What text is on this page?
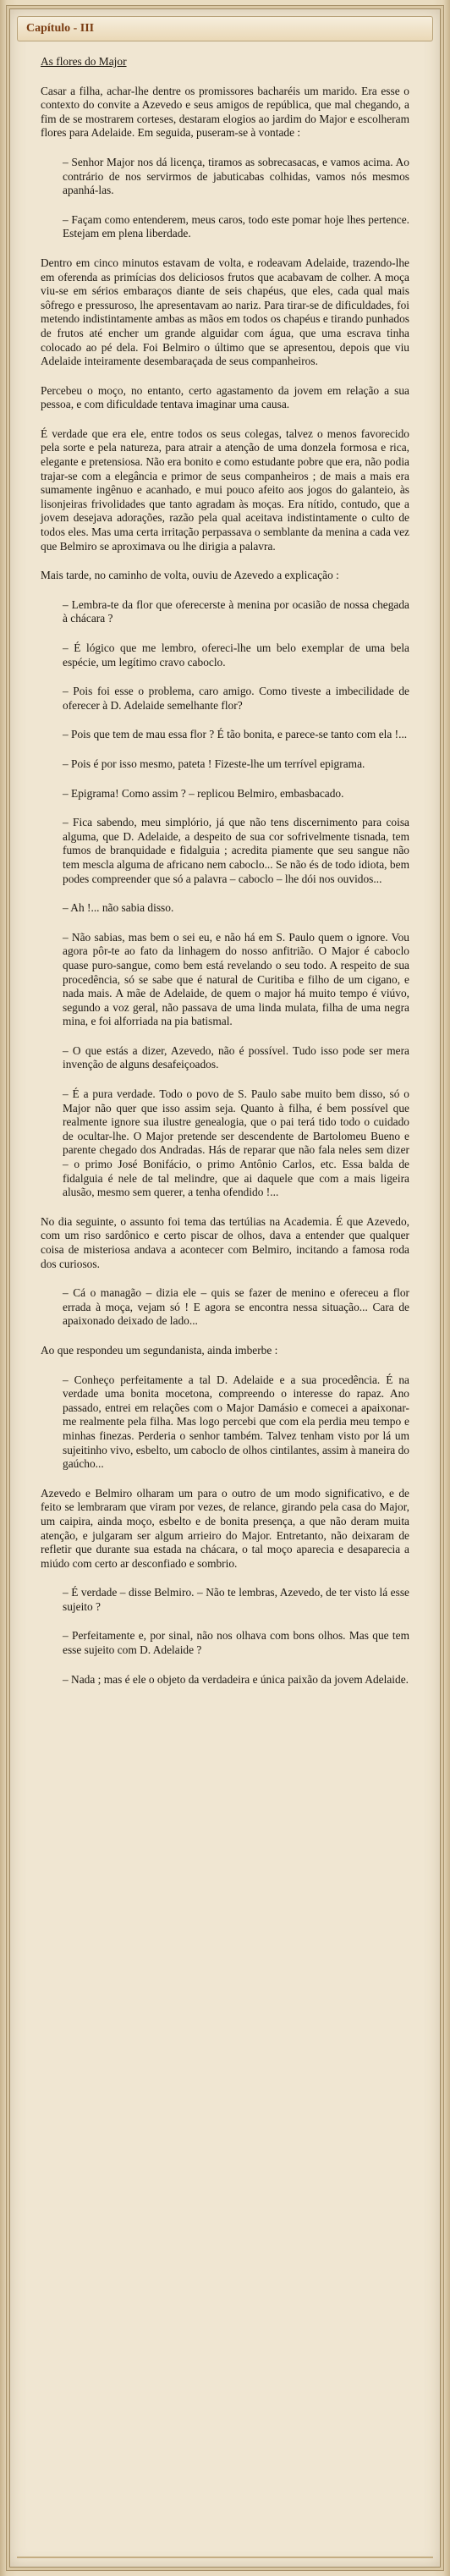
Capítulo - III
As flores do Major

Casar a filha, achar-lhe dentre os promissores bacharéis um marido. Era esse o contexto do convite a Azevedo e seus amigos de república, que mal chegando, a fim de se mostrarem corteses, destaram elogios ao jardim do Major e escolheram flores para Adelaide. Em seguida, puseram-se à vontade :

– Senhor Major nos dá licença, tiramos as sobrecasacas, e vamos acima. Ao contrário de nos servirmos de jabuticabas colhidas, vamos nós mesmos apanhá-las.

– Façam como entenderem, meus caros, todo este pomar hoje lhes pertence. Estejam em plena liberdade.

Dentro em cinco minutos estavam de volta, e rodeavam Adelaide, trazendo-lhe em oferenda as primícias dos deliciosos frutos que acabavam de colher. A moça viu-se em sérios embaraços diante de seis chapéus, que eles, cada qual mais sôfrego e pressuroso, lhe apresentavam ao nariz. Para tirar-se de dificuldades, foi metendo indistintamente ambas as mãos em todos os chapéus e tirando punhados de frutos até encher um grande alguidar com água, que uma escrava tinha colocado ao pé dela. Foi Belmiro o último que se apresentou, depois que viu Adelaide inteiramente desembaraçada de seus companheiros.

Percebeu o moço, no entanto, certo agastamento da jovem em relação a sua pessoa, e com dificuldade tentava imaginar uma causa.

É verdade que era ele, entre todos os seus colegas, talvez o menos favorecido pela sorte e pela natureza, para atrair a atenção de uma donzela formosa e rica, elegante e pretensiosa. Não era bonito e como estudante pobre que era, não podia trajar-se com a elegância e primor de seus companheiros ; de mais a mais era sumamente ingênuo e acanhado, e mui pouco afeito aos jogos do galanteio, às lisonjeiras frivolidades que tanto agradam às moças. Era nítido, contudo, que a jovem desejava adorações, razão pela qual aceitava indistintamente o culto de todos eles. Mas uma certa irritação perpassava o semblante da menina a cada vez que Belmiro se aproximava ou lhe dirigia a palavra.

Mais tarde, no caminho de volta, ouviu de Azevedo a explicação :

– Lembra-te da flor que oferecerste à menina por ocasião de nossa chegada à chácara ?

– É lógico que me lembro, ofereci-lhe um belo exemplar de uma bela espécie, um legítimo cravo caboclo.

– Pois foi esse o problema, caro amigo. Como tiveste a imbecilidade de oferecer à D. Adelaide semelhante flor?

– Pois que tem de mau essa flor ? É tão bonita, e parece-se tanto com ela !...

– Pois é por isso mesmo, pateta ! Fizeste-lhe um terrível epigrama.

– Epigrama! Como assim ? – replicou Belmiro, embasbacado.

– Fica sabendo, meu simplório, já que não tens discernimento para coisa alguma, que D. Adelaide, a despeito de sua cor sofrivelmente tisnada, tem fumos de branquidade e fidalguia ; acredita piamente que seu sangue não tem mescla alguma de africano nem caboclo... Se não és de todo idiota, bem podes compreender que só a palavra – caboclo – lhe dói nos ouvidos...

– Ah !... não sabia disso.

– Não sabias, mas bem o sei eu, e não há em S. Paulo quem o ignore. Vou agora pôr-te ao fato da linhagem do nosso anfitrião. O Major é caboclo quase puro-sangue, como bem está revelando o seu todo. A respeito de sua procedência, só se sabe que é natural de Curitiba e filho de um cigano, e nada mais. A mãe de Adelaide, de quem o major há muito tempo é viúvo, segundo a voz geral, não passava de uma linda mulata, filha de uma negra mina, e foi alforriada na pia batismal.

– O que estás a dizer, Azevedo, não é possível. Tudo isso pode ser mera invenção de alguns desafeiçoados.

– É a pura verdade. Todo o povo de S. Paulo sabe muito bem disso, só o Major não quer que isso assim seja. Quanto à filha, é bem possível que realmente ignore sua ilustre genealogia, que o pai terá tido todo o cuidado de ocultar-lhe. O Major pretende ser descendente de Bartolomeu Bueno e parente chegado dos Andradas. Hás de reparar que não fala neles sem dizer – o primo José Bonifácio, o primo Antônio Carlos, etc. Essa balda de fidalguia é nele de tal melindre, que ai daquele que com a mais ligeira alusão, mesmo sem querer, a tenha ofendido !...

No dia seguinte, o assunto foi tema das tertúlias na Academia. É que Azevedo, com um riso sardônico e certo piscar de olhos, dava a entender que qualquer coisa de misteriosa andava a acontecer com Belmiro, incitando a famosa roda dos curiosos.

– Cá o managão – dizia ele – quis se fazer de menino e ofereceu a flor errada à moça, vejam só ! E agora se encontra nessa situação... Cara de apaixonado deixado de lado...

Ao que respondeu um segundanista, ainda imberbe :

– Conheço perfeitamente a tal D. Adelaide e a sua procedência. É na verdade uma bonita mocetona, compreendo o interesse do rapaz. Ano passado, entrei em relações com o Major Damásio e comecei a apaixonar-me realmente pela filha. Mas logo percebi que com ela perdia meu tempo e minhas finezas. Perderia o senhor também. Talvez tenham visto por lá um sujeitinho vivo, esbelto, um caboclo de olhos cintilantes, assim à maneira do gaúcho...

Azevedo e Belmiro olharam um para o outro de um modo significativo, e de feito se lembraram que viram por vezes, de relance, girando pela casa do Major, um caipira, ainda moço, esbelto e de bonita presença, a que não deram muita atenção, e julgaram ser algum arrieiro do Major. Entretanto, não deixaram de refletir que durante sua estada na chácara, o tal moço aparecia e desaparecia a miúdo com certo ar desconfiado e sombrio.

– É verdade – disse Belmiro. – Não te lembras, Azevedo, de ter visto lá esse sujeito ?

– Perfeitamente e, por sinal, não nos olhava com bons olhos. Mas que tem esse sujeito com D. Adelaide ?

– Nada ; mas é ele o objeto da verdadeira e única paixão da jovem Adelaide.
